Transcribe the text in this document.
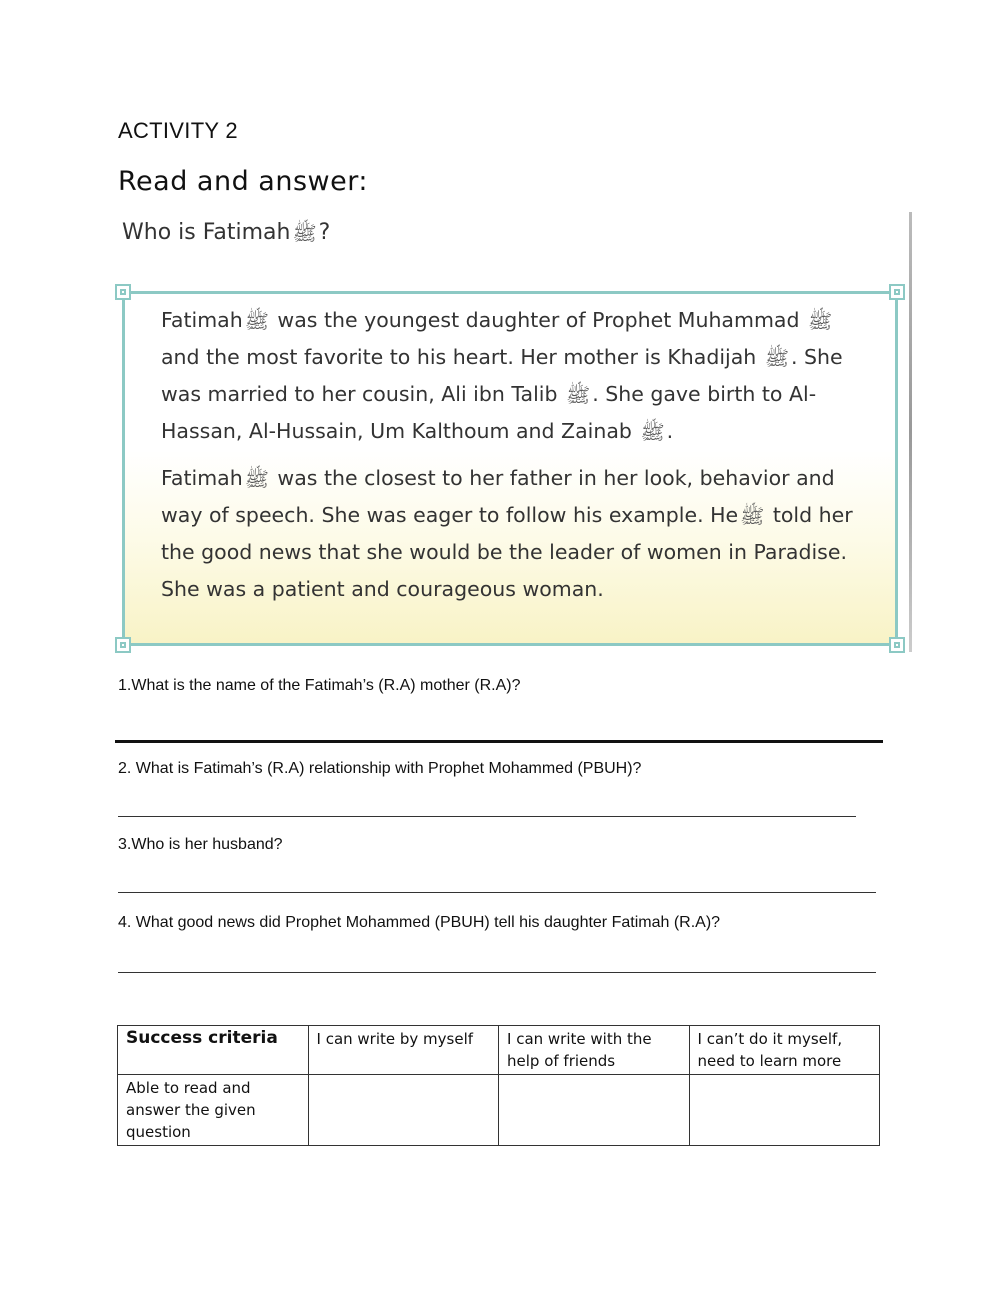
ACTIVITY 2
Read and answer:
Who is Fatimah ﷺ?

Fatimah ﷺ was the youngest daughter of Prophet Muhammad ﷺ and the most favorite to his heart. Her mother is Khadijah ﷺ. She was married to her cousin, Ali ibn Talib ﷺ. She gave birth to Al-Hassan, Al-Hussain, Um Kalthoum and Zainab ﷺ.

Fatimah ﷺ was the closest to her father in her look, behavior and way of speech. She was eager to follow his example. He ﷺ told her the good news that she would be the leader of women in Paradise. She was a patient and courageous woman.

1.What is the name of the Fatimah’s (R.A) mother (R.A)?
2. What is Fatimah’s (R.A) relationship with Prophet Mohammed (PBUH)?
3.Who is her husband?
4. What good news did Prophet Mohammed (PBUH) tell his daughter Fatimah (R.A)?
Success criteria	I can write by myself	I can write with the help of friends	I can’t do it myself, need to learn more
Able to read and answer the given question			
